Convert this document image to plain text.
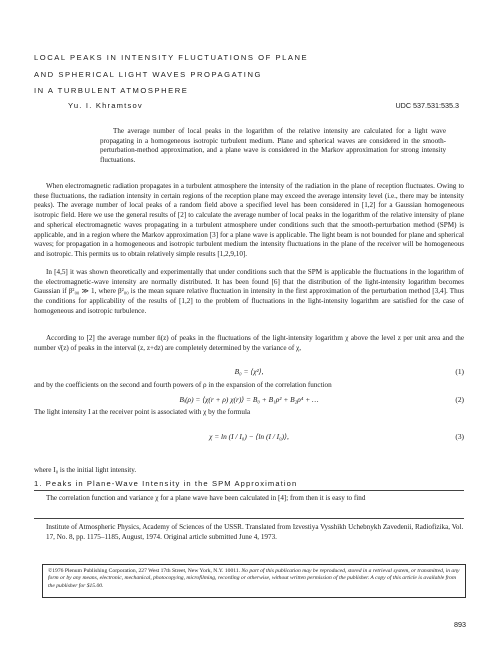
LOCAL PEAKS IN INTENSITY FLUCTUATIONS OF PLANE
AND SPHERICAL LIGHT WAVES PROPAGATING
IN A TURBULENT ATMOSPHERE
Yu. I. Khramtsov	UDC 537.531:535.3

The average number of local peaks in the logarithm of the relative intensity are calculated for a light wave propagating in a homogeneous isotropic turbulent medium. Plane and spherical waves are considered in the smooth-perturbation-method approximation, and a plane wave is considered in the Markov approximation for strong intensity fluctuations.

When electromagnetic radiation propagates in a turbulent atmosphere the intensity of the radiation in the plane of reception fluctuates. Owing to these fluctuations, the radiation intensity in certain regions of the reception plane may exceed the average intensity level (i.e., there may be intensity peaks). The average number of local peaks of a random field above a specified level has been considered in [1,2] for a Gaussian homogeneous isotropic field. Here we use the general results of [2] to calculate the average number of local peaks in the logarithm of the relative intensity of plane and spherical electromagnetic waves propagating in a turbulent atmosphere under conditions such that the smooth-perturbation method (SPM) is applicable, and in a region where the Markov approximation [3] for a plane wave is applicable. The light beam is not bounded for plane and spherical waves; for propagation in a homogeneous and isotropic turbulent medium the intensity fluctuations in the plane of the receiver will be homogeneous and isotropic. This permits us to obtain relatively simple results [1,2,9,10].

In [4,5] it was shown theoretically and experimentally that under conditions such that the SPM is applicable the fluctuations in the logarithm of the electromagnetic-wave intensity are normally distributed. It has been found [6] that the distribution of the light-intensity logarithm becomes Gaussian if β²₀₀ ≫ 1, where β²₀₀ is the mean square relative fluctuation in intensity in the first approximation of the perturbation method [3,4]. Thus the conditions for applicability of the results of [1,2] to the problem of fluctuations in the light-intensity logarithm are satisfied for the case of homogeneous and isotropic turbulence.

According to [2] the average number n̄(z) of peaks in the fluctuations of the light-intensity logarithm χ above the level z per unit area and the number ν̄(z) of peaks in the interval (z, z+dz) are completely determined by the variance of χ,

B₀ = ⟨χ²⟩,	(1)

and by the coefficients on the second and fourth powers of ρ in the expansion of the correlation function

Bᵢ(ρ) = ⟨χ(r + ρ) χ(r)⟩ = B₀ + B₁ρ² + B₂ρ⁴ + …	(2)

The light intensity I at the receiver point is associated with χ by the formula

χ = ln (I / I₀) − ⟨ln (I / I₀)⟩,	(3)

where I₀ is the initial light intensity.

1. Peaks in Plane-Wave Intensity in the SPM Approximation

The correlation function and variance χ for a plane wave have been calculated in [4]; from then it is easy to find

Institute of Atmospheric Physics, Academy of Sciences of the USSR. Translated from Izvestiya Vysshikh Uchebnykh Zavedenii, Radiofizika, Vol. 17, No. 8, pp. 1175–1185, August, 1974. Original article submitted June 4, 1973.
©1976 Plenum Publishing Corporation, 227 West 17th Street, New York, N.Y. 10011. No part of this publication may be reproduced, stored in a retrieval system, or transmitted, in any form or by any means, electronic, mechanical, photocopying, microfilming, recording or otherwise, without written permission of the publisher. A copy of this article is available from the publisher for $15.00.
893
